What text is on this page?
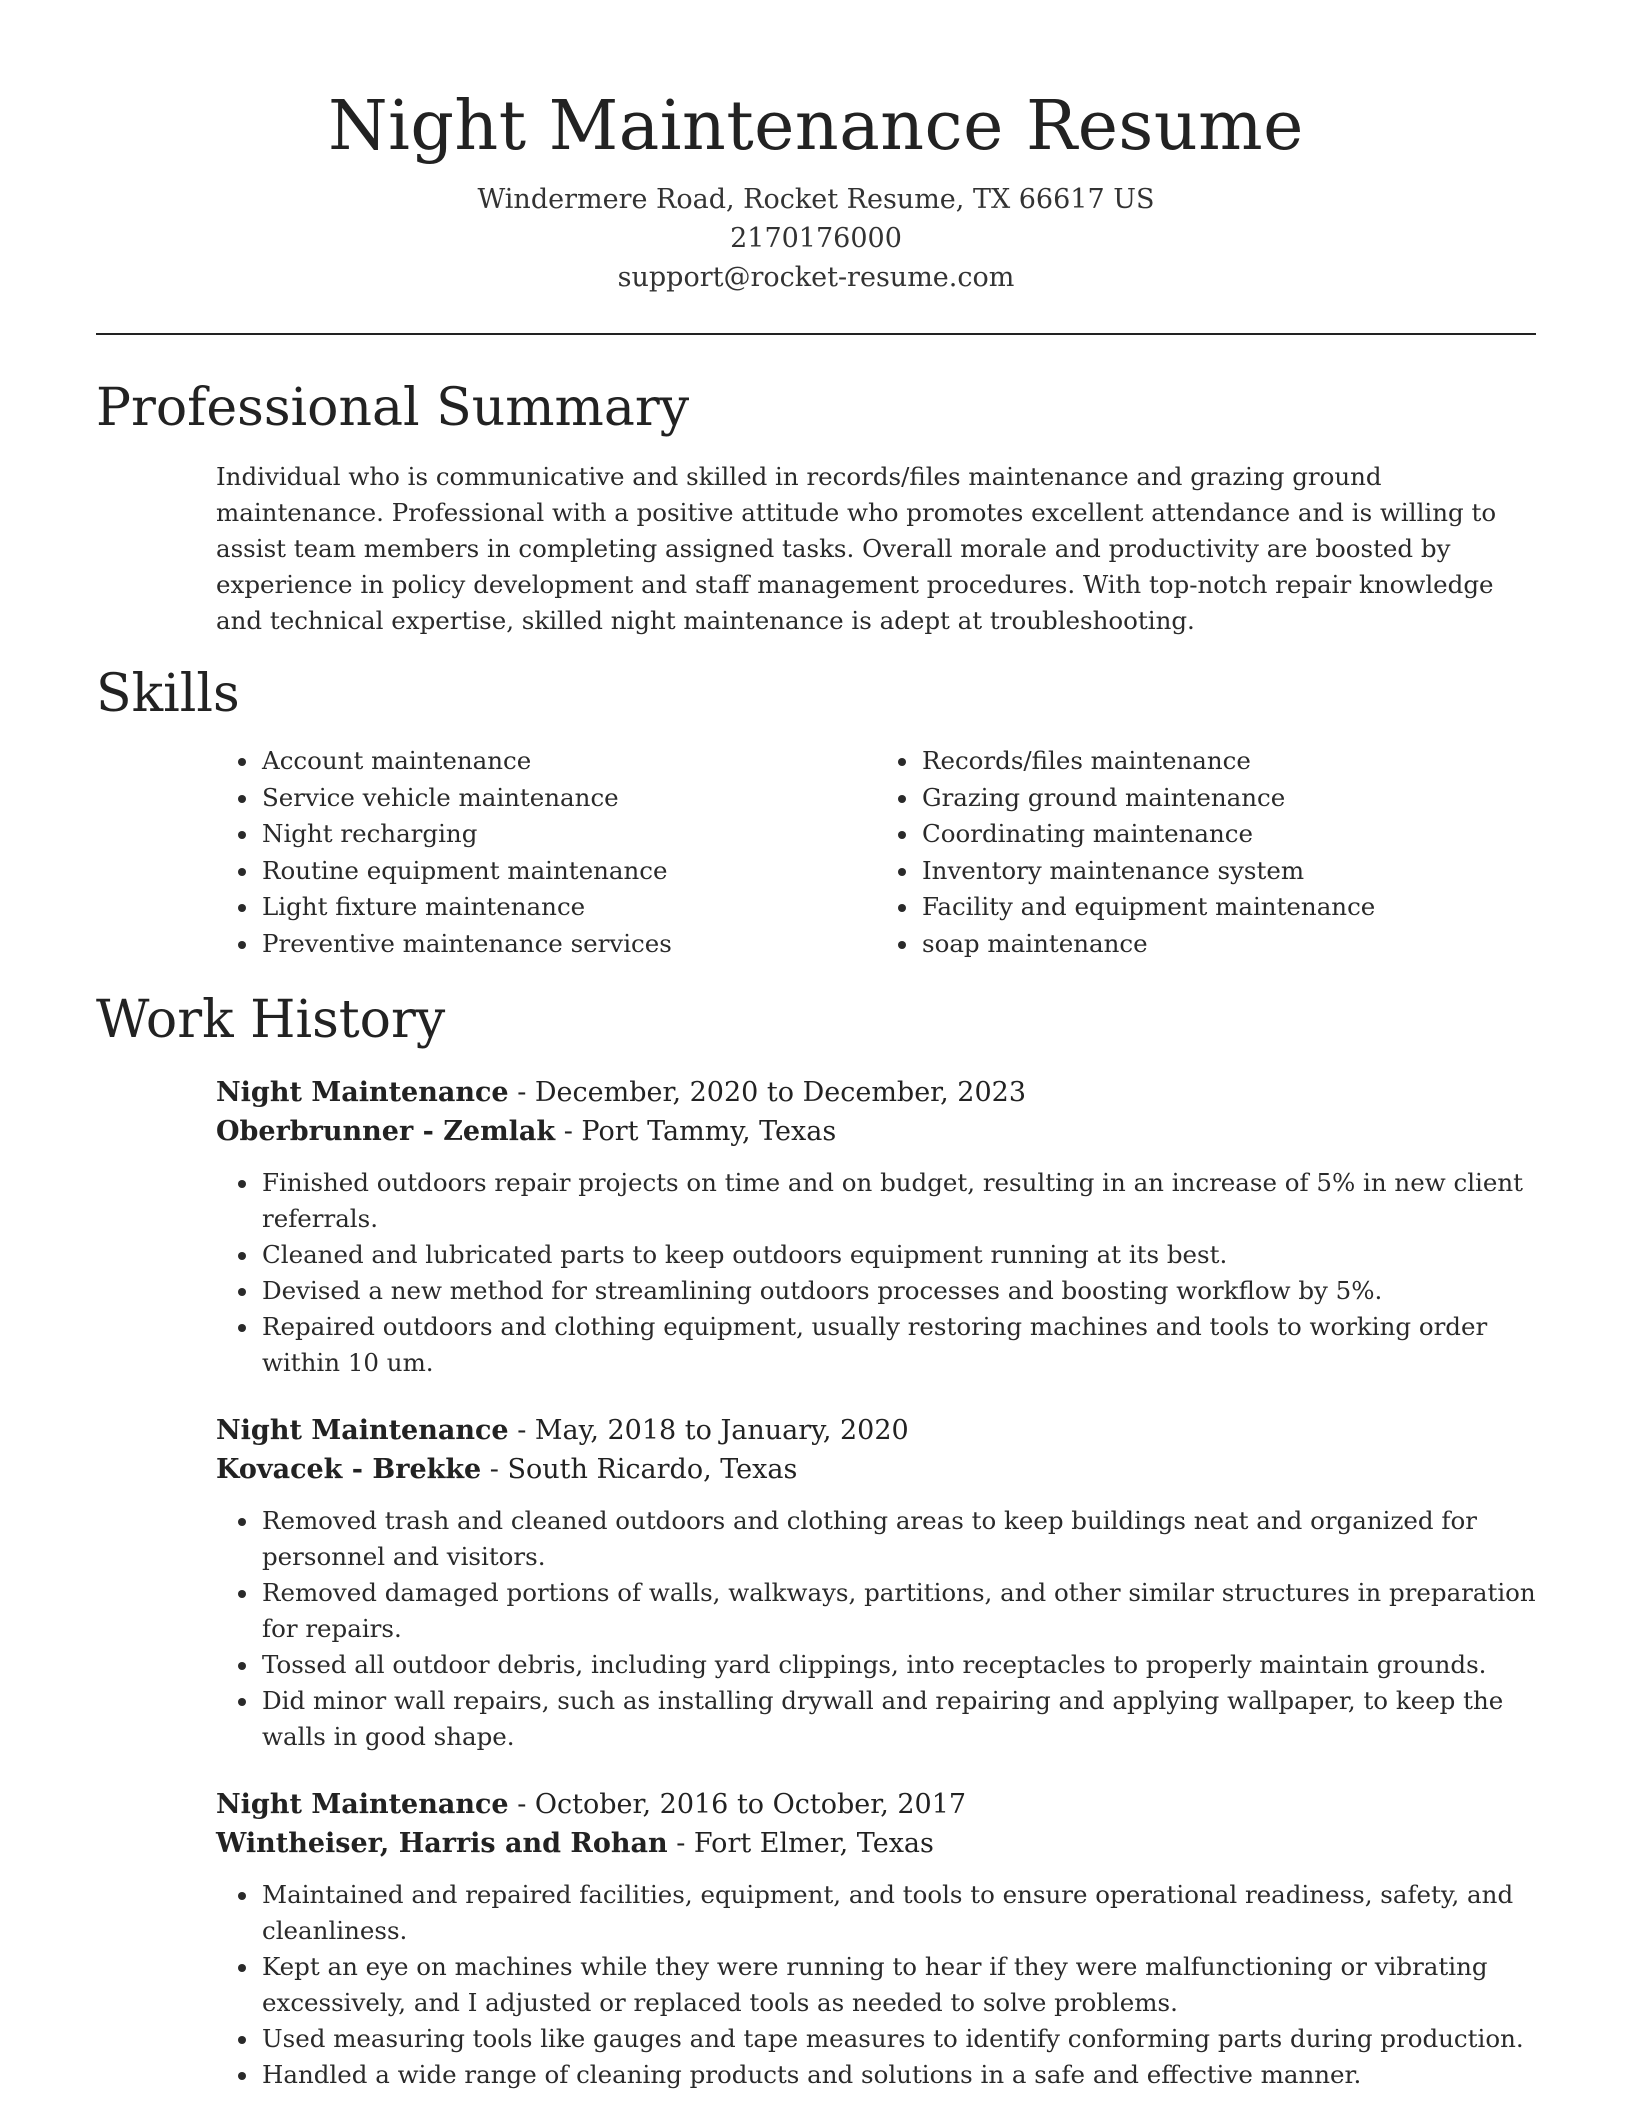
Night Maintenance Resume
Windermere Road, Rocket Resume, TX 66617 US
2170176000
support@rocket-resume.com
Professional Summary

Individual who is communicative and skilled in records/files maintenance and grazing ground maintenance. Professional with a positive attitude who promotes excellent attendance and is willing to assist team members in completing assigned tasks. Overall morale and productivity are boosted by experience in policy development and staff management procedures. With top-notch repair knowledge and technical expertise, skilled night maintenance is adept at troubleshooting.

Skills
• Account maintenance
• Service vehicle maintenance
• Night recharging
• Routine equipment maintenance
• Light fixture maintenance
• Preventive maintenance services
• Records/files maintenance
• Grazing ground maintenance
• Coordinating maintenance
• Inventory maintenance system
• Facility and equipment maintenance
• soap maintenance
Work History
Night Maintenance - December, 2020 to December, 2023
Oberbrunner - Zemlak - Port Tammy, Texas
• Finished outdoors repair projects on time and on budget, resulting in an increase of 5% in new client referrals.
• Cleaned and lubricated parts to keep outdoors equipment running at its best.
• Devised a new method for streamlining outdoors processes and boosting workflow by 5%.
• Repaired outdoors and clothing equipment, usually restoring machines and tools to working order within 10 um.
Night Maintenance - May, 2018 to January, 2020
Kovacek - Brekke - South Ricardo, Texas
• Removed trash and cleaned outdoors and clothing areas to keep buildings neat and organized for personnel and visitors.
• Removed damaged portions of walls, walkways, partitions, and other similar structures in preparation for repairs.
• Tossed all outdoor debris, including yard clippings, into receptacles to properly maintain grounds.
• Did minor wall repairs, such as installing drywall and repairing and applying wallpaper, to keep the walls in good shape.
Night Maintenance - October, 2016 to October, 2017
Wintheiser, Harris and Rohan - Fort Elmer, Texas
• Maintained and repaired facilities, equipment, and tools to ensure operational readiness, safety, and cleanliness.
• Kept an eye on machines while they were running to hear if they were malfunctioning or vibrating excessively, and I adjusted or replaced tools as needed to solve problems.
• Used measuring tools like gauges and tape measures to identify conforming parts during production.
• Handled a wide range of cleaning products and solutions in a safe and effective manner.
